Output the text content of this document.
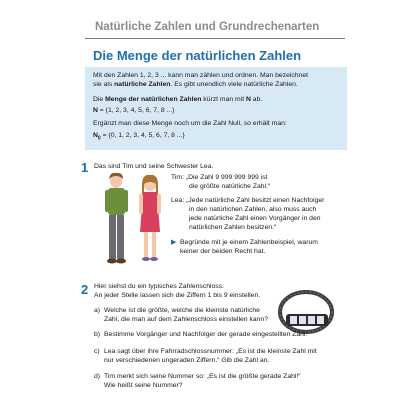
Natürliche Zahlen und Grundrechenarten
Die Menge der natürlichen Zahlen

Mit den Zahlen 1, 2, 3 ... kann man zählen und ordnen. Man bezeichnet

sie als natürliche Zahlen. Es gibt unendlich viele natürliche Zahlen.

Die Menge der natürlichen Zahlen kürzt man mit N ab.

N = {1, 2, 3, 4, 5, 6, 7, 8 ...}

Ergänzt man diese Menge noch um die Zahl Null, so erhält man:

$N_0 = \{0$, 1, 2, 3, 4, 5, 6, 7, 8 ...}

1 Das sind Tim und seine Schwester Lea.
Tim: „Die Zahl 9 999 999 999 ist
die größte natürliche Zahl.“
Lea: „Jede natürliche Zahl besitzt einen Nachfolger
in den natürlichen Zahlen, also muss auch
jede natürliche Zahl einen Vorgänger in den
natürlichen Zahlen besitzen.“
▶ Begründe mit je einem Zahlenbeispiel, warum
keiner der beiden Recht hat.
2 Hier siehst du ein typisches Zahlenschloss.
An jeder Stelle lassen sich die Ziffern 1 bis 9 einstellen.
a) Welche ist die größte, welche die kleinste natürliche
Zahl, die man auf dem Zahlenschloss einstellen kann?
b) Bestimme Vorgänger und Nachfolger der gerade eingestellten Zahl.
c) Lea sagt über ihre Fahrradschlossnummer: „Es ist die kleinste Zahl mit
nur verschiedenen ungeraden Ziffern.“ Gib die Zahl an.
d) Tim merkt sich seine Nummer so: „Es ist die größte gerade Zahl!“
Wie heißt seine Nummer?
